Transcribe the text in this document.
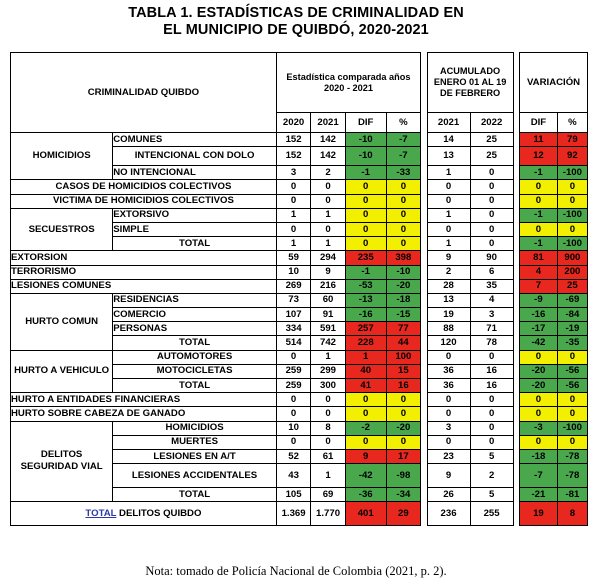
TABLA 1. ESTADÍSTICAS DE CRIMINALIDAD EN
EL MUNICIPIO DE QUIBDÓ, 2020-2021
CRIMINALIDAD QUIBDO		Estadística comparada años 2020 - 2021					ACUMULADO ENERO 01 AL 19 DE FEBRERO			VARIACIÓN	
		2020	2021	DIF	%		2021	2022		DIF	%
HOMICIDIOS	COMUNES	152	142	-10	-7		14	25		11	79
	INTENCIONAL CON DOLO	152	142	-10	-7		13	25		12	92
	NO INTENCIONAL	3	2	-1	-33		1	0		-1	-100
CASOS DE HOMICIDIOS COLECTIVOS		0	0	0	0		0	0		0	0
VICTIMA DE HOMICIDIOS COLECTIVOS		0	0	0	0		0	0		0	0
SECUESTROS	EXTORSIVO	1	1	0	0		1	0		-1	-100
	SIMPLE	0	0	0	0		0	0		0	0
	TOTAL	1	1	0	0		1	0		-1	-100
EXTORSION		59	294	235	398		9	90		81	900
TERRORISMO		10	9	-1	-10		2	6		4	200
LESIONES COMUNES		269	216	-53	-20		28	35		7	25
HURTO COMUN	RESIDENCIAS	73	60	-13	-18		13	4		-9	-69
	COMERCIO	107	91	-16	-15		19	3		-16	-84
	PERSONAS	334	591	257	77		88	71		-17	-19
	TOTAL	514	742	228	44		120	78		-42	-35
HURTO A VEHICULO	AUTOMOTORES	0	1	1	100		0	0		0	0
	MOTOCICLETAS	259	299	40	15		36	16		-20	-56
	TOTAL	259	300	41	16		36	16		-20	-56
HURTO A ENTIDADES FINANCIERAS		0	0	0	0		0	0		0	0
HURTO SOBRE CABEZA DE GANADO		0	0	0	0		0	0		0	0
DELITOS SEGURIDAD VIAL	HOMICIDIOS	10	8	-2	-20		3	0		-3	-100
	MUERTES	0	0	0	0		0	0		0	0
	LESIONES EN A/T	52	61	9	17		23	5		-18	-78
	LESIONES ACCIDENTALES	43	1	-42	-98		9	2		-7	-78
	TOTAL	105	69	-36	-34		26	5		-21	-81
TOTAL DELITOS QUIBDO		1.369	1.770	401	29		236	255		19	8
Nota: tomado de Policía Nacional de Colombia (2021, p. 2).
